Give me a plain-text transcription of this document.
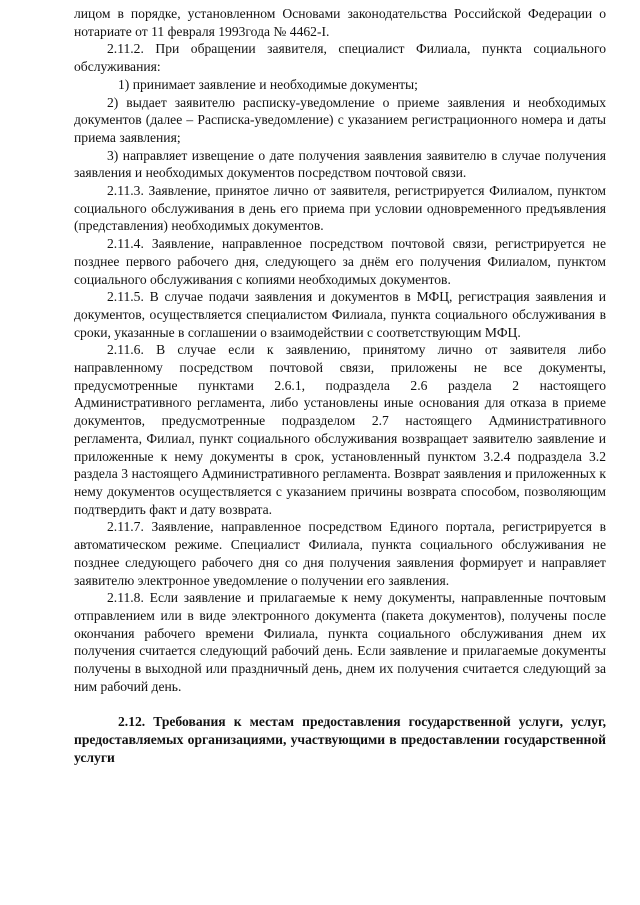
лицом в порядке, установленном Основами законодательства Российской Федерации о нотариате от 11 февраля 1993года № 4462-I.

2.11.2. При обращении заявителя, специалист Филиала, пункта социального обслуживания:

1) принимает заявление и необходимые документы;

2) выдает заявителю расписку-уведомление о приеме заявления и необходимых документов (далее – Расписка-уведомление) с указанием регистрационного номера и даты приема заявления;

3) направляет извещение о дате получения заявления заявителю в случае получения заявления и необходимых документов посредством почтовой связи.

2.11.3. Заявление, принятое лично от заявителя, регистрируется Филиалом, пунктом социального обслуживания в день его приема при условии одновременного предъявления (представления) необходимых документов.

2.11.4. Заявление, направленное посредством почтовой связи, регистрируется не позднее первого рабочего дня, следующего за днём его получения Филиалом, пунктом социального обслуживания с копиями необходимых документов.

2.11.5. В случае подачи заявления и документов в МФЦ, регистрация заявления и документов, осуществляется специалистом Филиала, пункта социального обслуживания в сроки, указанные в соглашении о взаимодействии с соответствующим МФЦ.

2.11.6. В случае если к заявлению, принятому лично от заявителя либо направленному посредством почтовой связи, приложены не все документы, предусмотренные пунктами 2.6.1, подраздела 2.6 раздела 2 настоящего Административного регламента, либо установлены иные основания для отказа в приеме документов, предусмотренные подразделом 2.7 настоящего Административного регламента, Филиал, пункт социального обслуживания возвращает заявителю заявление и приложенные к нему документы в срок, установленный пунктом 3.2.4 подраздела 3.2 раздела 3 настоящего Административного регламента. Возврат заявления и приложенных к нему документов осуществляется с указанием причины возврата способом, позволяющим подтвердить факт и дату возврата.

2.11.7. Заявление, направленное посредством Единого портала, регистрируется в автоматическом режиме. Специалист Филиала, пункта социального обслуживания не позднее следующего рабочего дня со дня получения заявления формирует и направляет заявителю электронное уведомление о получении его заявления.

2.11.8. Если заявление и прилагаемые к нему документы, направленные почтовым отправлением или в виде электронного документа (пакета документов), получены после окончания рабочего времени Филиала, пункта социального обслуживания днем их получения считается следующий рабочий день. Если заявление и прилагаемые документы получены в выходной или праздничный день, днем их получения считается следующий за ним рабочий день.

2.12. Требования к местам предоставления государственной услуги, услуг, предоставляемых организациями, участвующими в предоставлении государственной услуги
